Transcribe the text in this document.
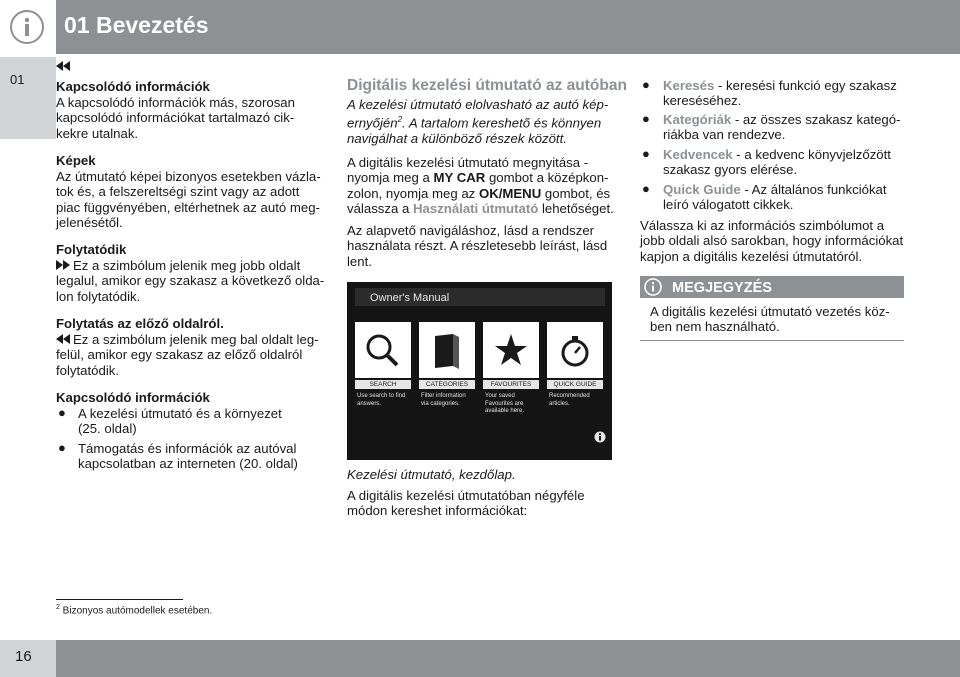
01 Bevezetés
01 Kapcsolódó információk
A kapcsolódó információk más, szorosan
kapcsolódó információkat tartalmazó cik-
kekre utalnak.
Képek
Az útmutató képei bizonyos esetekben vázla-
tok és, a felszereltségi szint vagy az adott
piac függvényében, eltérhetnek az autó meg-
jelenésétől.
Folytatódik
Ez a szimbólum jelenik meg jobb oldalt
legalul, amikor egy szakasz a következő olda-
lon folytatódik.
Folytatás az előző oldalról.
Ez a szimbólum jelenik meg bal oldalt leg-
felül, amikor egy szakasz az előző oldalról
folytatódik.
Kapcsolódó információk
● A kezelési útmutató és a környezet
(25. oldal)
● Támogatás és információk az autóval
kapcsolatban az interneten (20. oldal)
Digitális kezelési útmutató az autóban
A kezelési útmutató elolvasható az autó kép-
ernyőjén$^2$. A tartalom kereshető és könnyen
navigálhat a különböző részek között.
A digitális kezelési útmutató megnyitása -
nyomja meg a MY CAR gombot a középkon-
zolon, nyomja meg az OK/MENU gombot, és
válassza a Használati útmutató lehetőséget.
Az alapvető navigáláshoz, lásd a rendszer
használata részt. A részletesebb leírást, lásd
lent.
Owner's Manual
SEARCH	CATEGORIES	FAVOURITES	QUICK GUIDE
Use search to find
answers.
Filter information
via categories.
Your saved
Favourites are
available here.
Recommended
articles.
Kezelési útmutató, kezdőlap.
A digitális kezelési útmutatóban négyféle
módon kereshet információkat:
● Keresés - keresési funkció egy szakasz
kereséséhez.
● Kategóriák - az összes szakasz kategó-
riákba van rendezve.
● Kedvencek - a kedvenc könyvjelzőzött
szakasz gyors elérése.
● Quick Guide - Az általános funkciókat
leíró válogatott cikkek.
Válassza ki az információs szimbólumot a
jobb oldali alsó sarokban, hogy információkat
kapjon a digitális kezelési útmutatóról.
MEGJEGYZÉS
A digitális kezelési útmutató vezetés köz-
ben nem használható.
$^2$ Bizonyos autómodellek esetében.
16
